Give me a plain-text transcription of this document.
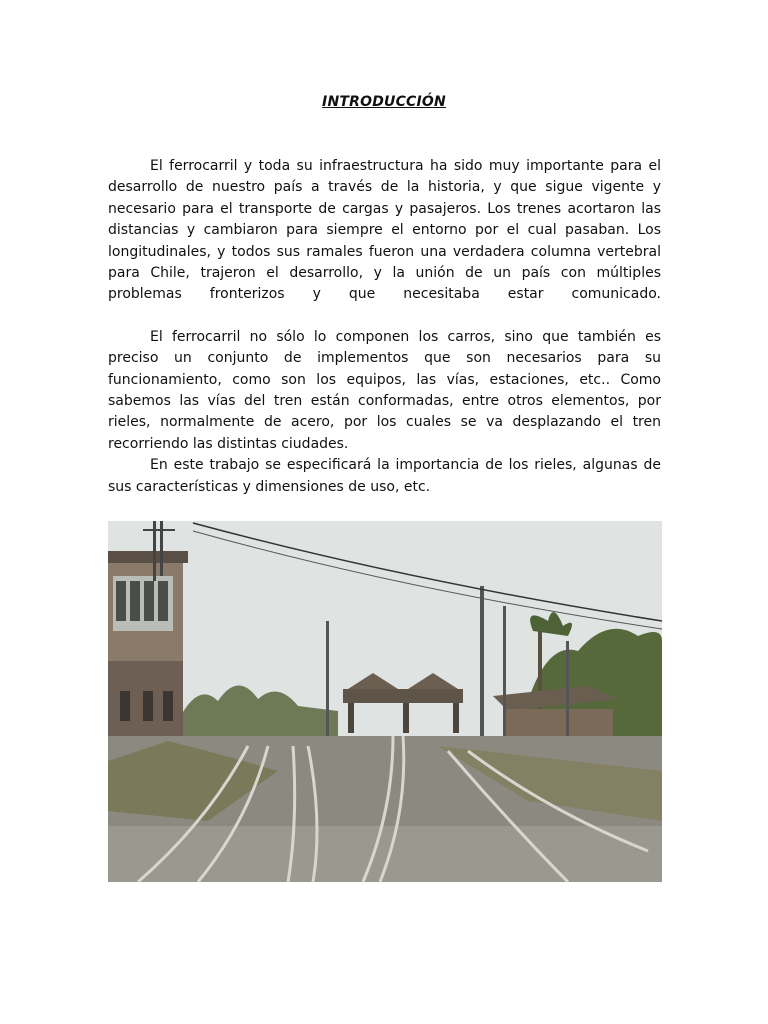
INTRODUCCIÓN

El ferrocarril y toda su infraestructura ha sido muy importante para el desarrollo de nuestro país a través de la historia, y que sigue vigente y necesario para el transporte de cargas y pasajeros. Los trenes acortaron las distancias y cambiaron para siempre el entorno por el cual pasaban. Los longitudinales, y todos sus ramales fueron una verdadera columna vertebral para Chile, trajeron el desarrollo, y la unión de un país con múltiples problemas fronterizos y que necesitaba estar comunicado.

El ferrocarril no sólo lo componen los carros, sino que también es preciso un conjunto de implementos que son necesarios para su funcionamiento, como son los equipos, las vías, estaciones, etc.. Como sabemos las vías del tren están conformadas, entre otros elementos, por rieles, normalmente de acero, por los cuales se va desplazando el tren recorriendo las distintas ciudades.

En este trabajo se especificará la importancia de los rieles, algunas de sus características y dimensiones de uso, etc.
